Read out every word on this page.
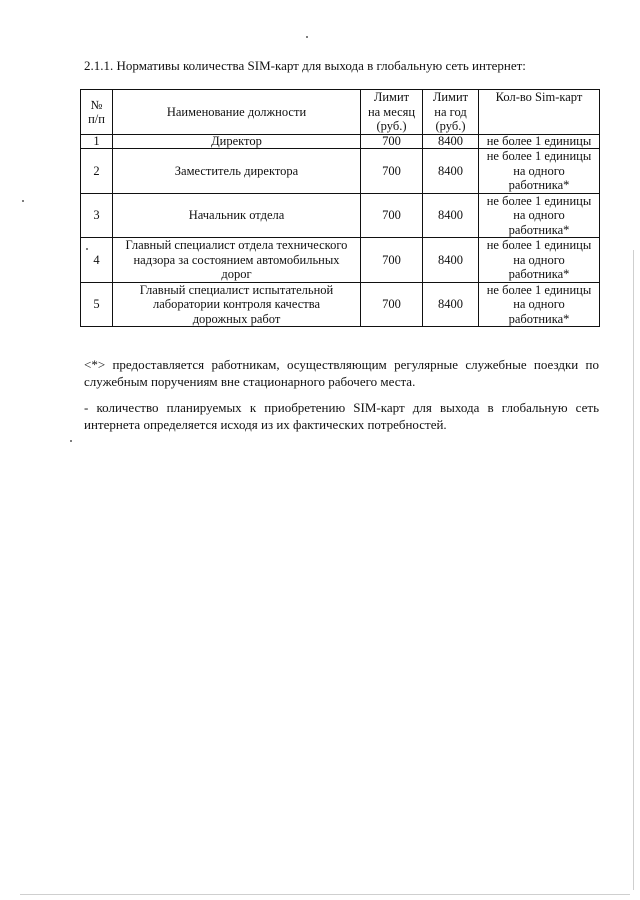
2.1.1. Нормативы количества SIM-карт для выхода в глобальную сеть интернет:
№
п/п	Наименование должности	Лимит
на месяц
(руб.)	Лимит
на год
(руб.)	Кол-во Sim-карт
1	Директор	700	8400	не более 1 единицы
2	Заместитель директора	700	8400	не более 1 единицы
на одного
работника*
3	Начальник отдела	700	8400	не более 1 единицы
на одного
работника*
4	Главный специалист отдела технического
надзора за состоянием автомобильных
дорог	700	8400	не более 1 единицы
на одного
работника*
5	Главный специалист испытательной
лаборатории контроля качества
дорожных работ	700	8400	не более 1 единицы
на одного
работника*

<*> предоставляется работникам, осуществляющим регулярные служебные поездки по служебным поручениям вне стационарного рабочего места.

- количество планируемых к приобретению SIM-карт для выхода в глобальную сеть интернета определяется исходя из их фактических потребностей.
